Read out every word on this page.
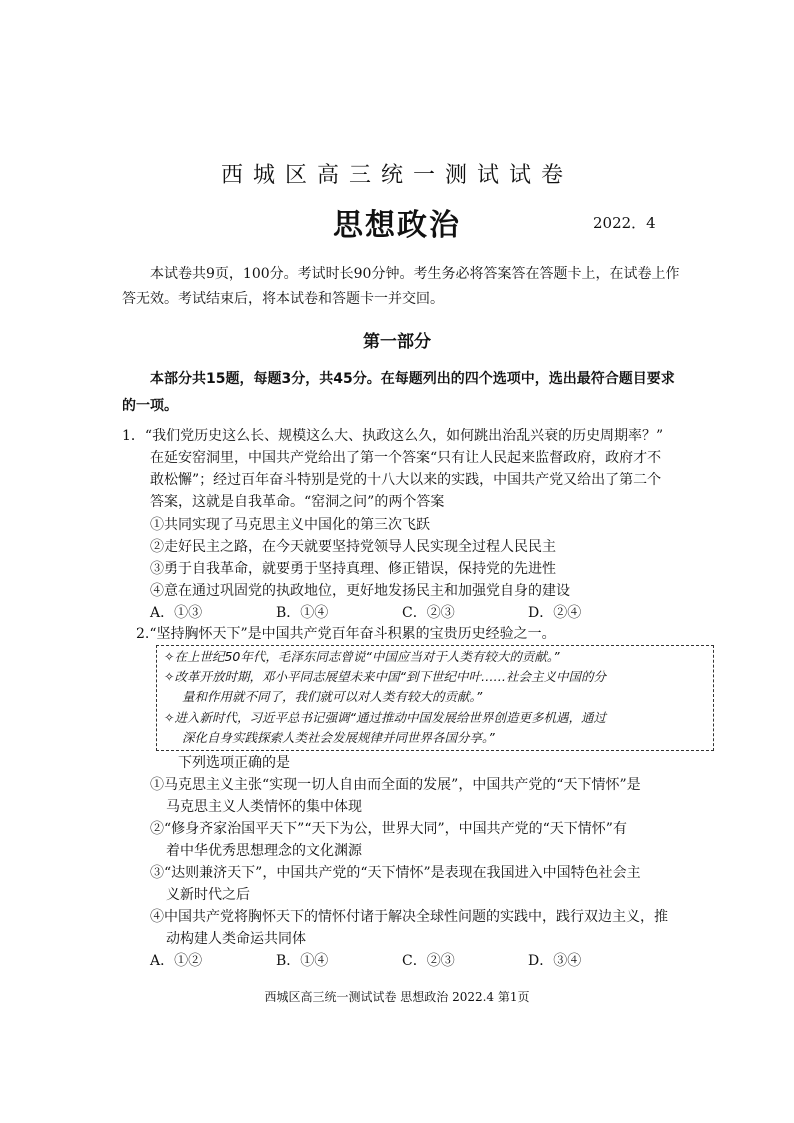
西城区高三统一测试试卷
思想政治	2022．4
本试卷共9页，100分。考试时长90分钟。考生务必将答案答在答题卡上，在试卷上作
答无效。考试结束后，将本试卷和答题卡一并交回。
第一部分
本部分共15题，每题3分，共45分。在每题列出的四个选项中，选出最符合题目要求
的一项。
1．“我们党历史这么长、规模这么大、执政这么久，如何跳出治乱兴衰的历史周期率？”
在延安窑洞里，中国共产党给出了第一个答案“只有让人民起来监督政府，政府才不
敢松懈”；经过百年奋斗特别是党的十八大以来的实践，中国共产党又给出了第二个
答案，这就是自我革命。“窑洞之问”的两个答案
①共同实现了马克思主义中国化的第三次飞跃
②走好民主之路，在今天就要坚持党领导人民实现全过程人民民主
③勇于自我革命，就要勇于坚持真理、修正错误，保持党的先进性
④意在通过巩固党的执政地位，更好地发扬民主和加强党自身的建设
A．①③	B．①④	C．②③	D．②④
2.“坚持胸怀天下”是中国共产党百年奋斗积累的宝贵历史经验之一。
✧在上世纪50年代，毛泽东同志曾说“中国应当对于人类有较大的贡献。”
✧改革开放时期，邓小平同志展望未来中国“到下世纪中叶……社会主义中国的分
量和作用就不同了，我们就可以对人类有较大的贡献。”
✧进入新时代，习近平总书记强调“通过推动中国发展给世界创造更多机遇，通过
深化自身实践探索人类社会发展规律并同世界各国分享。”
下列选项正确的是
①马克思主义主张“实现一切人自由而全面的发展”，中国共产党的“天下情怀”是
马克思主义人类情怀的集中体现
②“修身齐家治国平天下”“天下为公，世界大同”，中国共产党的“天下情怀”有
着中华优秀思想理念的文化渊源
③“达则兼济天下”，中国共产党的“天下情怀”是表现在我国进入中国特色社会主
义新时代之后
④中国共产党将胸怀天下的情怀付诸于解决全球性问题的实践中，践行双边主义，推
动构建人类命运共同体
A．①②	B．①④	C．②③	D．③④
西城区高三统一测试试卷 思想政治 2022.4 第1页
